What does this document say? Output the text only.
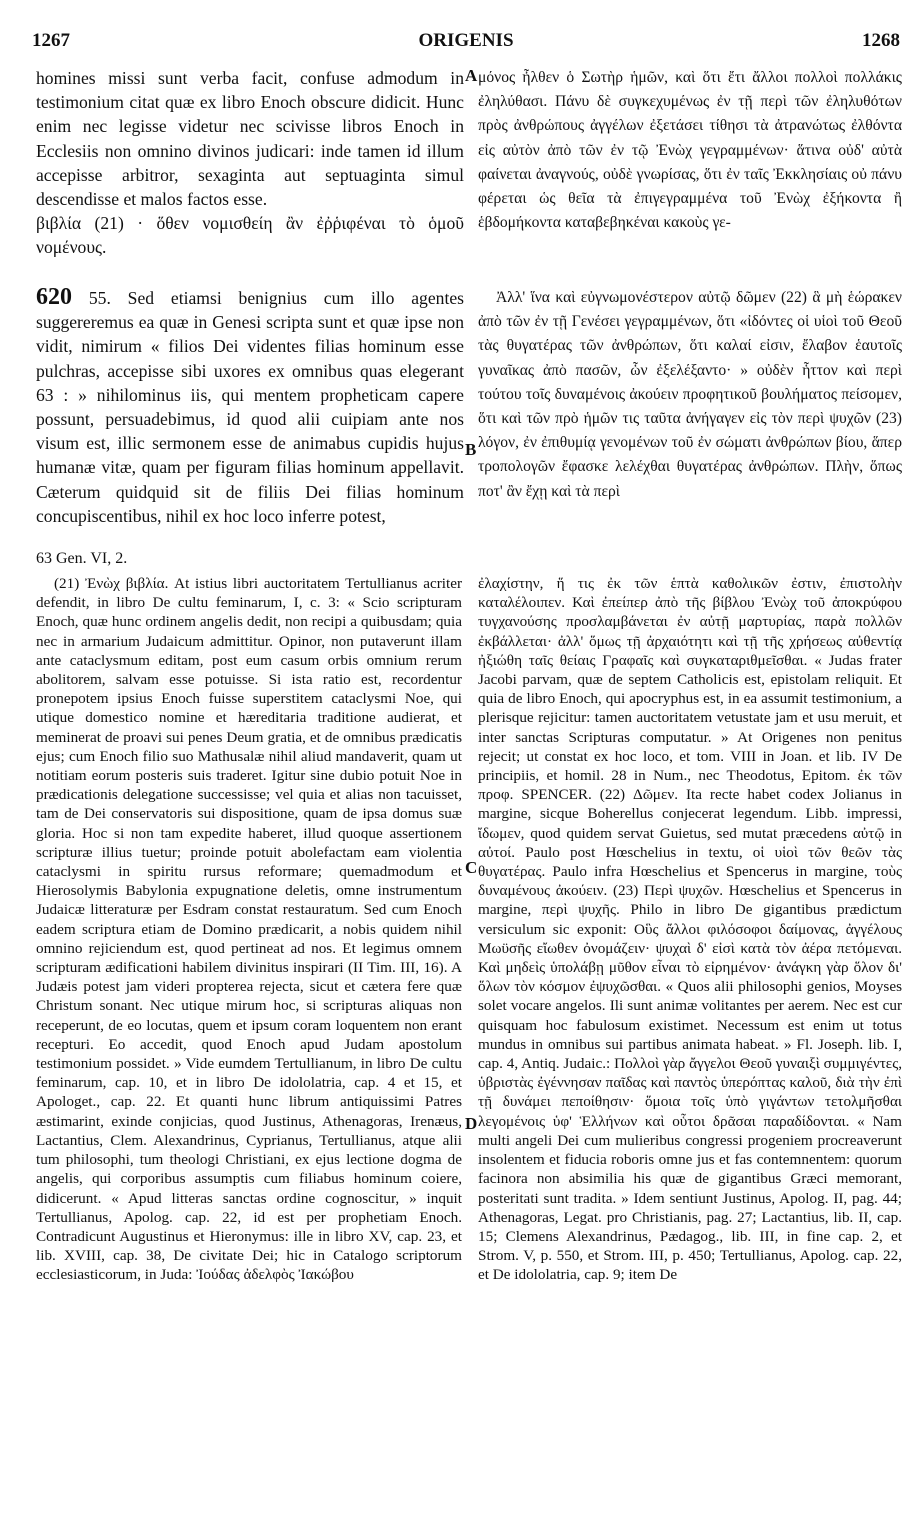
1267	ORIGENIS	1268
A
B
C
D

homines missi sunt verba facit, confuse admodum in testimonium citat quæ ex libro Enoch obscure didicit. Hunc enim nec legisse videtur nec scivisse libros Enoch in Ecclesiis non omnino divinos judicari: inde tamen id illum accepisse arbitror, sexaginta aut septuaginta simul descendisse et malos factos esse.

βιβλία (21) · ὅθεν νομισθείη ἂν ἐῤῥιφέναι τὸ ὁμοῦ νομένους.

μόνος ἦλθεν ὁ Σωτὴρ ἡμῶν, καὶ ὅτι ἔτι ἄλλοι πολλοὶ πολλάκις ἐληλύθασι. Πάνυ δὲ συγκεχυμένως ἐν τῇ περὶ τῶν ἐληλυθότων πρὸς ἀνθρώπους ἀγγέλων ἐξετάσει τίθησι τὰ ἀτρανώτως ἐλθόντα εἰς αὐτὸν ἀπὸ τῶν ἐν τῷ Ἐνὼχ γεγραμμένων· ἅτινα οὐδ' αὐτὰ φαίνεται ἀναγνούς, οὐδὲ γνωρίσας, ὅτι ἐν ταῖς Ἐκκλησίαις οὐ πάνυ φέρεται ὡς θεῖα τὰ ἐπιγεγραμμένα τοῦ Ἐνὼχ ἐξήκοντα ἢ ἑβδομήκοντα καταβεβηκέναι κακοὺς γε-

620 55. Sed etiamsi benignius cum illo agentes suggereremus ea quæ in Genesi scripta sunt et quæ ipse non vidit, nimirum « filios Dei videntes filias hominum esse pulchras, accepisse sibi uxores ex omnibus quas elegerant 63 : » nihilominus iis, qui mentem propheticam capere possunt, persuadebimus, id quod alii cuipiam ante nos visum est, illic sermonem esse de animabus cupidis hujus humanæ vitæ, quam per figuram filias hominum appellavit. Cæterum quidquid sit de filiis Dei filias hominum concupiscentibus, nihil ex hoc loco inferre potest,

Ἀλλ' ἵνα καὶ εὐγνωμονέστερον αὐτῷ δῶμεν (22) ἃ μὴ ἑώρακεν ἀπὸ τῶν ἐν τῇ Γενέσει γεγραμμένων, ὅτι «ἰδόντες οἱ υἱοὶ τοῦ Θεοῦ τὰς θυγατέρας τῶν ἀνθρώπων, ὅτι καλαί εἰσιν, ἔλαβον ἑαυτοῖς γυναῖκας ἀπὸ πασῶν, ὧν ἐξελέξαντο· » οὐδὲν ἧττον καὶ περὶ τούτου τοῖς δυναμένοις ἀκούειν προφητικοῦ βουλήματος πείσομεν, ὅτι καὶ τῶν πρὸ ἡμῶν τις ταῦτα ἀνήγαγεν εἰς τὸν περὶ ψυχῶν (23) λόγον, ἐν ἐπιθυμίᾳ γενομένων τοῦ ἐν σώματι ἀνθρώπων βίου, ἅπερ τροπολογῶν ἔφασκε λελέχθαι θυγατέρας ἀνθρώπων. Πλὴν, ὅπως ποτ' ἂν ἔχῃ καὶ τὰ περὶ

63 Gen. VI, 2.

(21) Ἐνὼχ βιβλία. At istius libri auctoritatem Tertullianus acriter defendit, in libro De cultu feminarum, I, c. 3: « Scio scripturam Enoch, quæ hunc ordinem angelis dedit, non recipi a quibusdam; quia nec in armarium Judaicum admittitur. Opinor, non putaverunt illam ante cataclysmum editam, post eum casum orbis omnium rerum abolitorem, salvam esse potuisse. Si ista ratio est, recordentur pronepotem ipsius Enoch fuisse superstitem cataclysmi Noe, qui utique domestico nomine et hæreditaria traditione audierat, et meminerat de proavi sui penes Deum gratia, et de omnibus prædicatis ejus; cum Enoch filio suo Mathusalæ nihil aliud mandaverit, quam ut notitiam eorum posteris suis traderet. Igitur sine dubio potuit Noe in prædicationis delegatione successisse; vel quia et alias non tacuisset, tam de Dei conservatoris sui dispositione, quam de ipsa domus suæ gloria. Hoc si non tam expedite haberet, illud quoque assertionem scripturæ illius tuetur; proinde potuit abolefactam eam violentia cataclysmi in spiritu rursus reformare; quemadmodum et Hierosolymis Babylonia expugnatione deletis, omne instrumentum Judaicæ litteraturæ per Esdram constat restauratum. Sed cum Enoch eadem scriptura etiam de Domino prædicarit, a nobis quidem nihil omnino rejiciendum est, quod pertineat ad nos. Et legimus omnem scripturam ædificationi habilem divinitus inspirari (II Tim. III, 16). A Judæis potest jam videri propterea rejecta, sicut et cætera fere quæ Christum sonant. Nec utique mirum hoc, si scripturas aliquas non receperunt, de eo locutas, quem et ipsum coram loquentem non erant recepturi. Eo accedit, quod Enoch apud Judam apostolum testimonium possidet. » Vide eumdem Tertullianum, in libro De cultu feminarum, cap. 10, et in libro De idololatria, cap. 4 et 15, et Apologet., cap. 22. Et quanti hunc librum antiquissimi Patres æstimarint, exinde conjicias, quod Justinus, Athenagoras, Irenæus, Lactantius, Clem. Alexandrinus, Cyprianus, Tertullianus, atque alii tum philosophi, tum theologi Christiani, ex ejus lectione dogma de angelis, qui corporibus assumptis cum filiabus hominum coiere, didicerunt. « Apud litteras sanctas ordine cognoscitur, » inquit Tertullianus, Apolog. cap. 22, id est per prophetiam Enoch. Contradicunt Augustinus et Hieronymus: ille in libro XV, cap. 23, et lib. XVIII, cap. 38, De civitate Dei; hic in Catalogo scriptorum ecclesiasticorum, in Juda: Ἰούδας ἀδελφὸς Ἰακώβου

ἐλαχίστην, ἥ τις ἐκ τῶν ἑπτὰ καθολικῶν ἐστιν, ἐπιστολὴν καταλέλοιπεν. Καὶ ἐπείπερ ἀπὸ τῆς βίβλου Ἐνὼχ τοῦ ἀποκρύφου τυγχανούσης προσλαμβάνεται ἐν αὐτῇ μαρτυρίας, παρὰ πολλῶν ἐκβάλλεται· ἀλλ' ὅμως τῇ ἀρχαιότητι καὶ τῇ τῆς χρήσεως αὐθεντίᾳ ἠξιώθη ταῖς θείαις Γραφαῖς καὶ συγκαταριθμεῖσθαι. « Judas frater Jacobi parvam, quæ de septem Catholicis est, epistolam reliquit. Et quia de libro Enoch, qui apocryphus est, in ea assumit testimonium, a plerisque rejicitur: tamen auctoritatem vetustate jam et usu meruit, et inter sanctas Scripturas computatur. » At Origenes non penitus rejecit; ut constat ex hoc loco, et tom. VIII in Joan. et lib. IV De principiis, et homil. 28 in Num., nec Theodotus, Epitom. ἐκ τῶν προφ. SPENCER. (22) Δῶμεν. Ita recte habet codex Jolianus in margine, sicque Boherellus conjecerat legendum. Libb. impressi, ἴδωμεν, quod quidem servat Guietus, sed mutat præcedens αὐτῷ in αὐτοί. Paulo post Hœschelius in textu, οἱ υἱοὶ τῶν θεῶν τὰς θυγατέρας. Paulo infra Hœschelius et Spencerus in margine, τοὺς δυναμένους ἀκούειν. (23) Περὶ ψυχῶν. Hœschelius et Spencerus in margine, περὶ ψυχῆς. Philo in libro De gigantibus prædictum versiculum sic exponit: Οὓς ἄλλοι φιλόσοφοι δαίμονας, ἀγγέλους Μωϋσῆς εἴωθεν ὀνομάζειν· ψυχαὶ δ' εἰσὶ κατὰ τὸν ἀέρα πετόμεναι. Καὶ μηδεὶς ὑπολάβῃ μῦθον εἶναι τὸ εἰρημένον· ἀνάγκη γὰρ ὅλον δι' ὅλων τὸν κόσμον ἐψυχῶσθαι. « Quos alii philosophi genios, Moyses solet vocare angelos. Ili sunt animæ volitantes per aerem. Nec est cur quisquam hoc fabulosum existimet. Necessum est enim ut totus mundus in omnibus sui partibus animata habeat. » Fl. Joseph. lib. I, cap. 4, Antiq. Judaic.: Πολλοὶ γὰρ ἄγγελοι Θεοῦ γυναιξὶ συμμιγέντες, ὑβριστὰς ἐγέννησαν παῖδας καὶ παντὸς ὑπερόπτας καλοῦ, διὰ τὴν ἐπὶ τῇ δυνάμει πεποίθησιν· ὅμοια τοῖς ὑπὸ γιγάντων τετολμῆσθαι λεγομένοις ὑφ' Ἑλλήνων καὶ οὗτοι δρᾶσαι παραδίδονται. « Nam multi angeli Dei cum mulieribus congressi progeniem procreaverunt insolentem et fiducia roboris omne jus et fas contemnentem: quorum facinora non absimilia his quæ de gigantibus Græci memorant, posteritati sunt tradita. » Idem sentiunt Justinus, Apolog. II, pag. 44; Athenagoras, Legat. pro Christianis, pag. 27; Lactantius, lib. II, cap. 15; Clemens Alexandrinus, Pædagog., lib. III, in fine cap. 2, et Strom. V, p. 550, et Strom. III, p. 450; Tertullianus, Apolog. cap. 22, et De idololatria, cap. 9; item De
